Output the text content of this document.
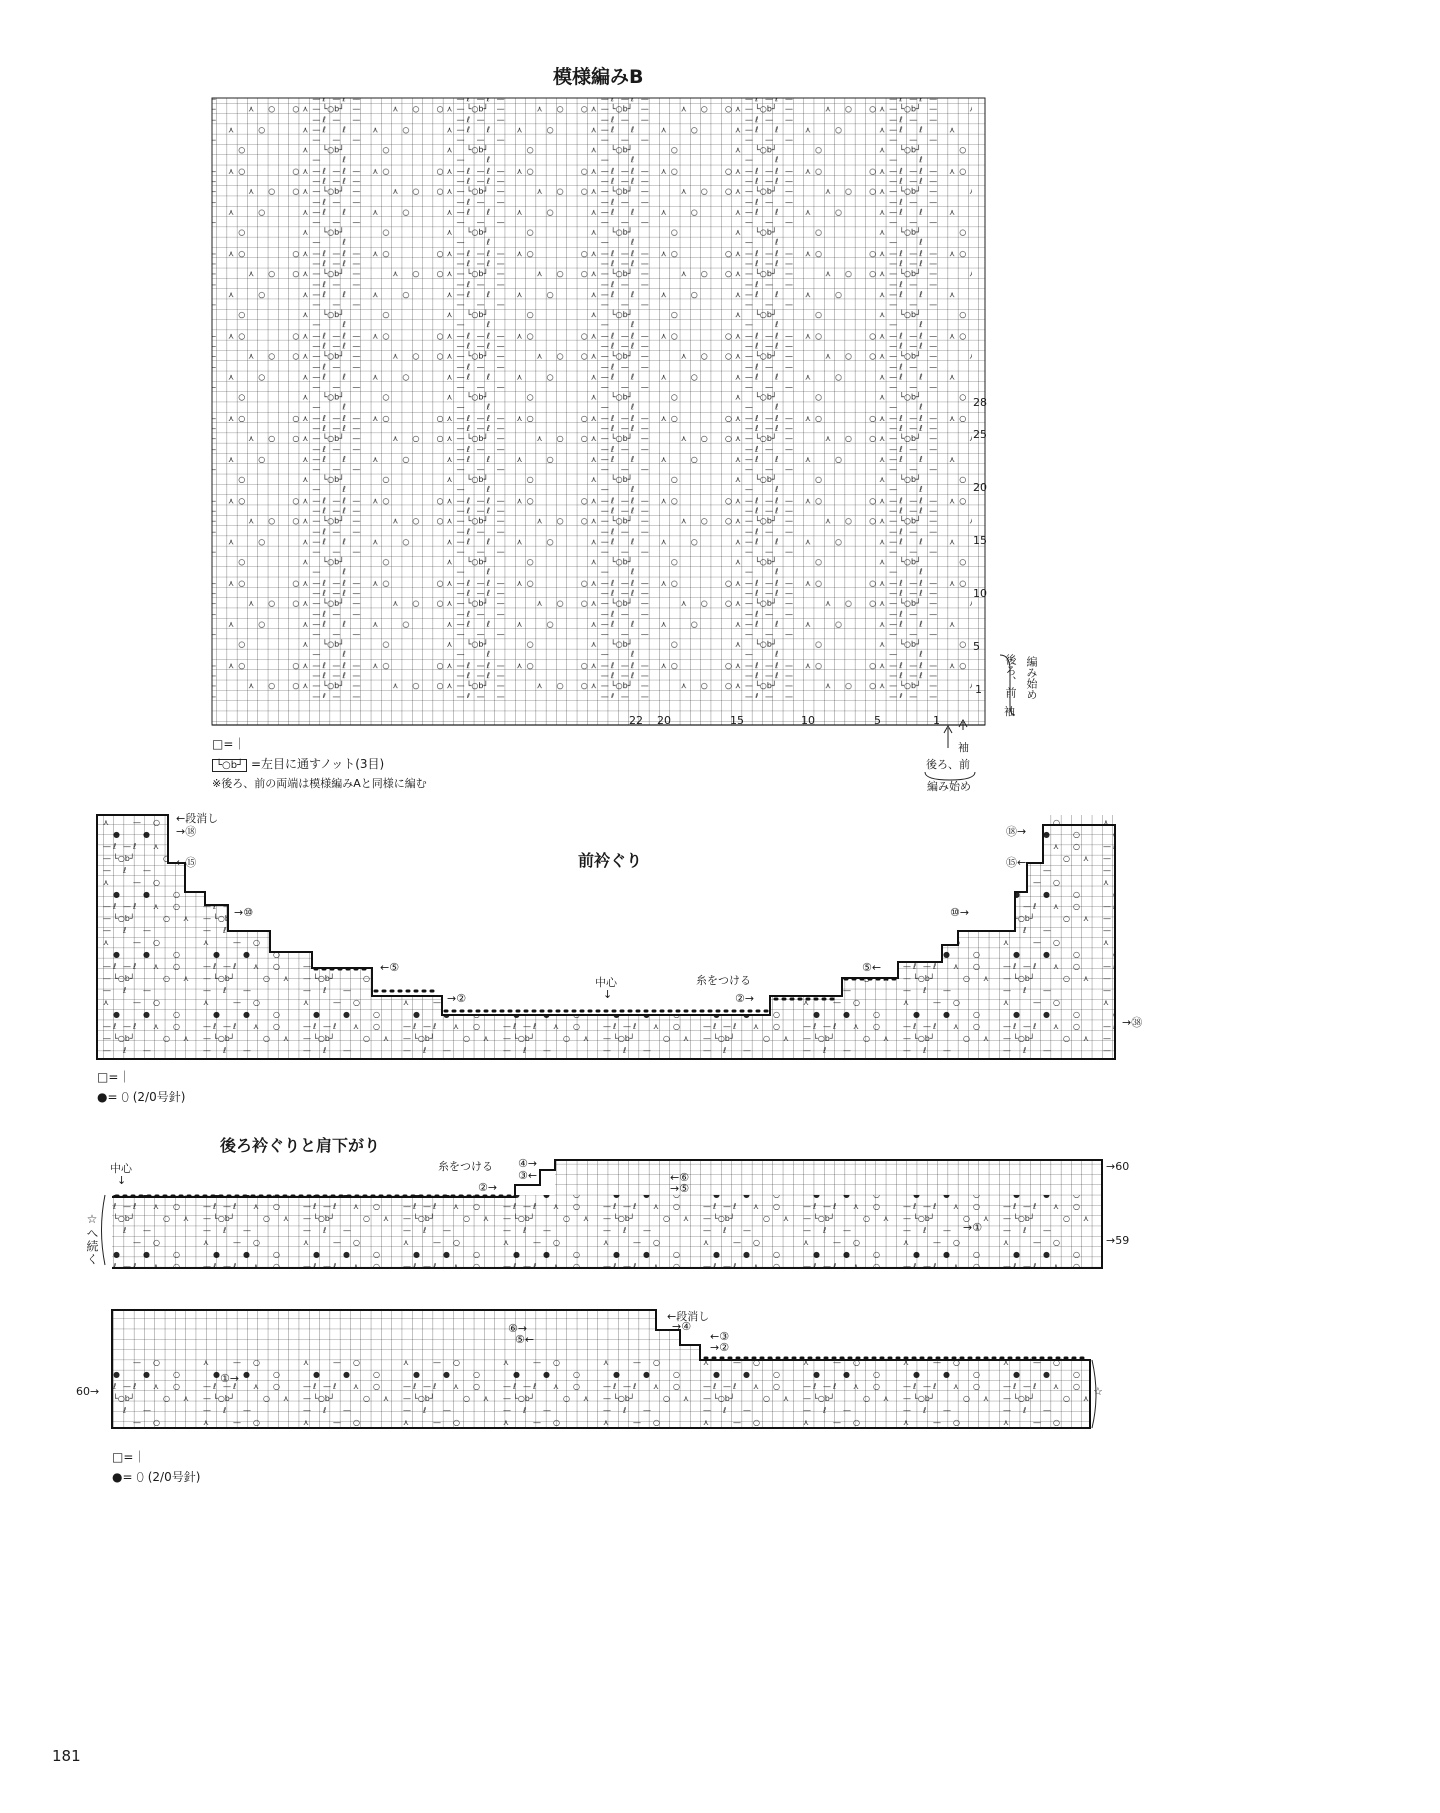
模様編みB
28
25
20
15
10
5
1
22 20	15	10	5	1
後ろ、前
袖
編み始め
袖
後ろ、前
編み始め
□=｜
└○b┘ =左目に通すノット(3目)
※後ろ、前の両端は模様編みAと同様に編む
前衿ぐり
←段消し
→⑱
←⑮
→⑩
←⑤
→②
中心
↓
糸をつける
②→
⑤←
⑩→
⑮←
⑱→
→㊳
□=｜
●= ⬯ (2/0号針)
後ろ衿ぐりと肩下がり
中心
↓
糸をつける
☆へ続く
④→
③←
②→
←⑥
→⑤
→①
→60
→59
←段消し
→④
←③
→②
⑥→
⑤←
①→
60→	☆
□=｜
●= ⬯ (2/0号針)
181
